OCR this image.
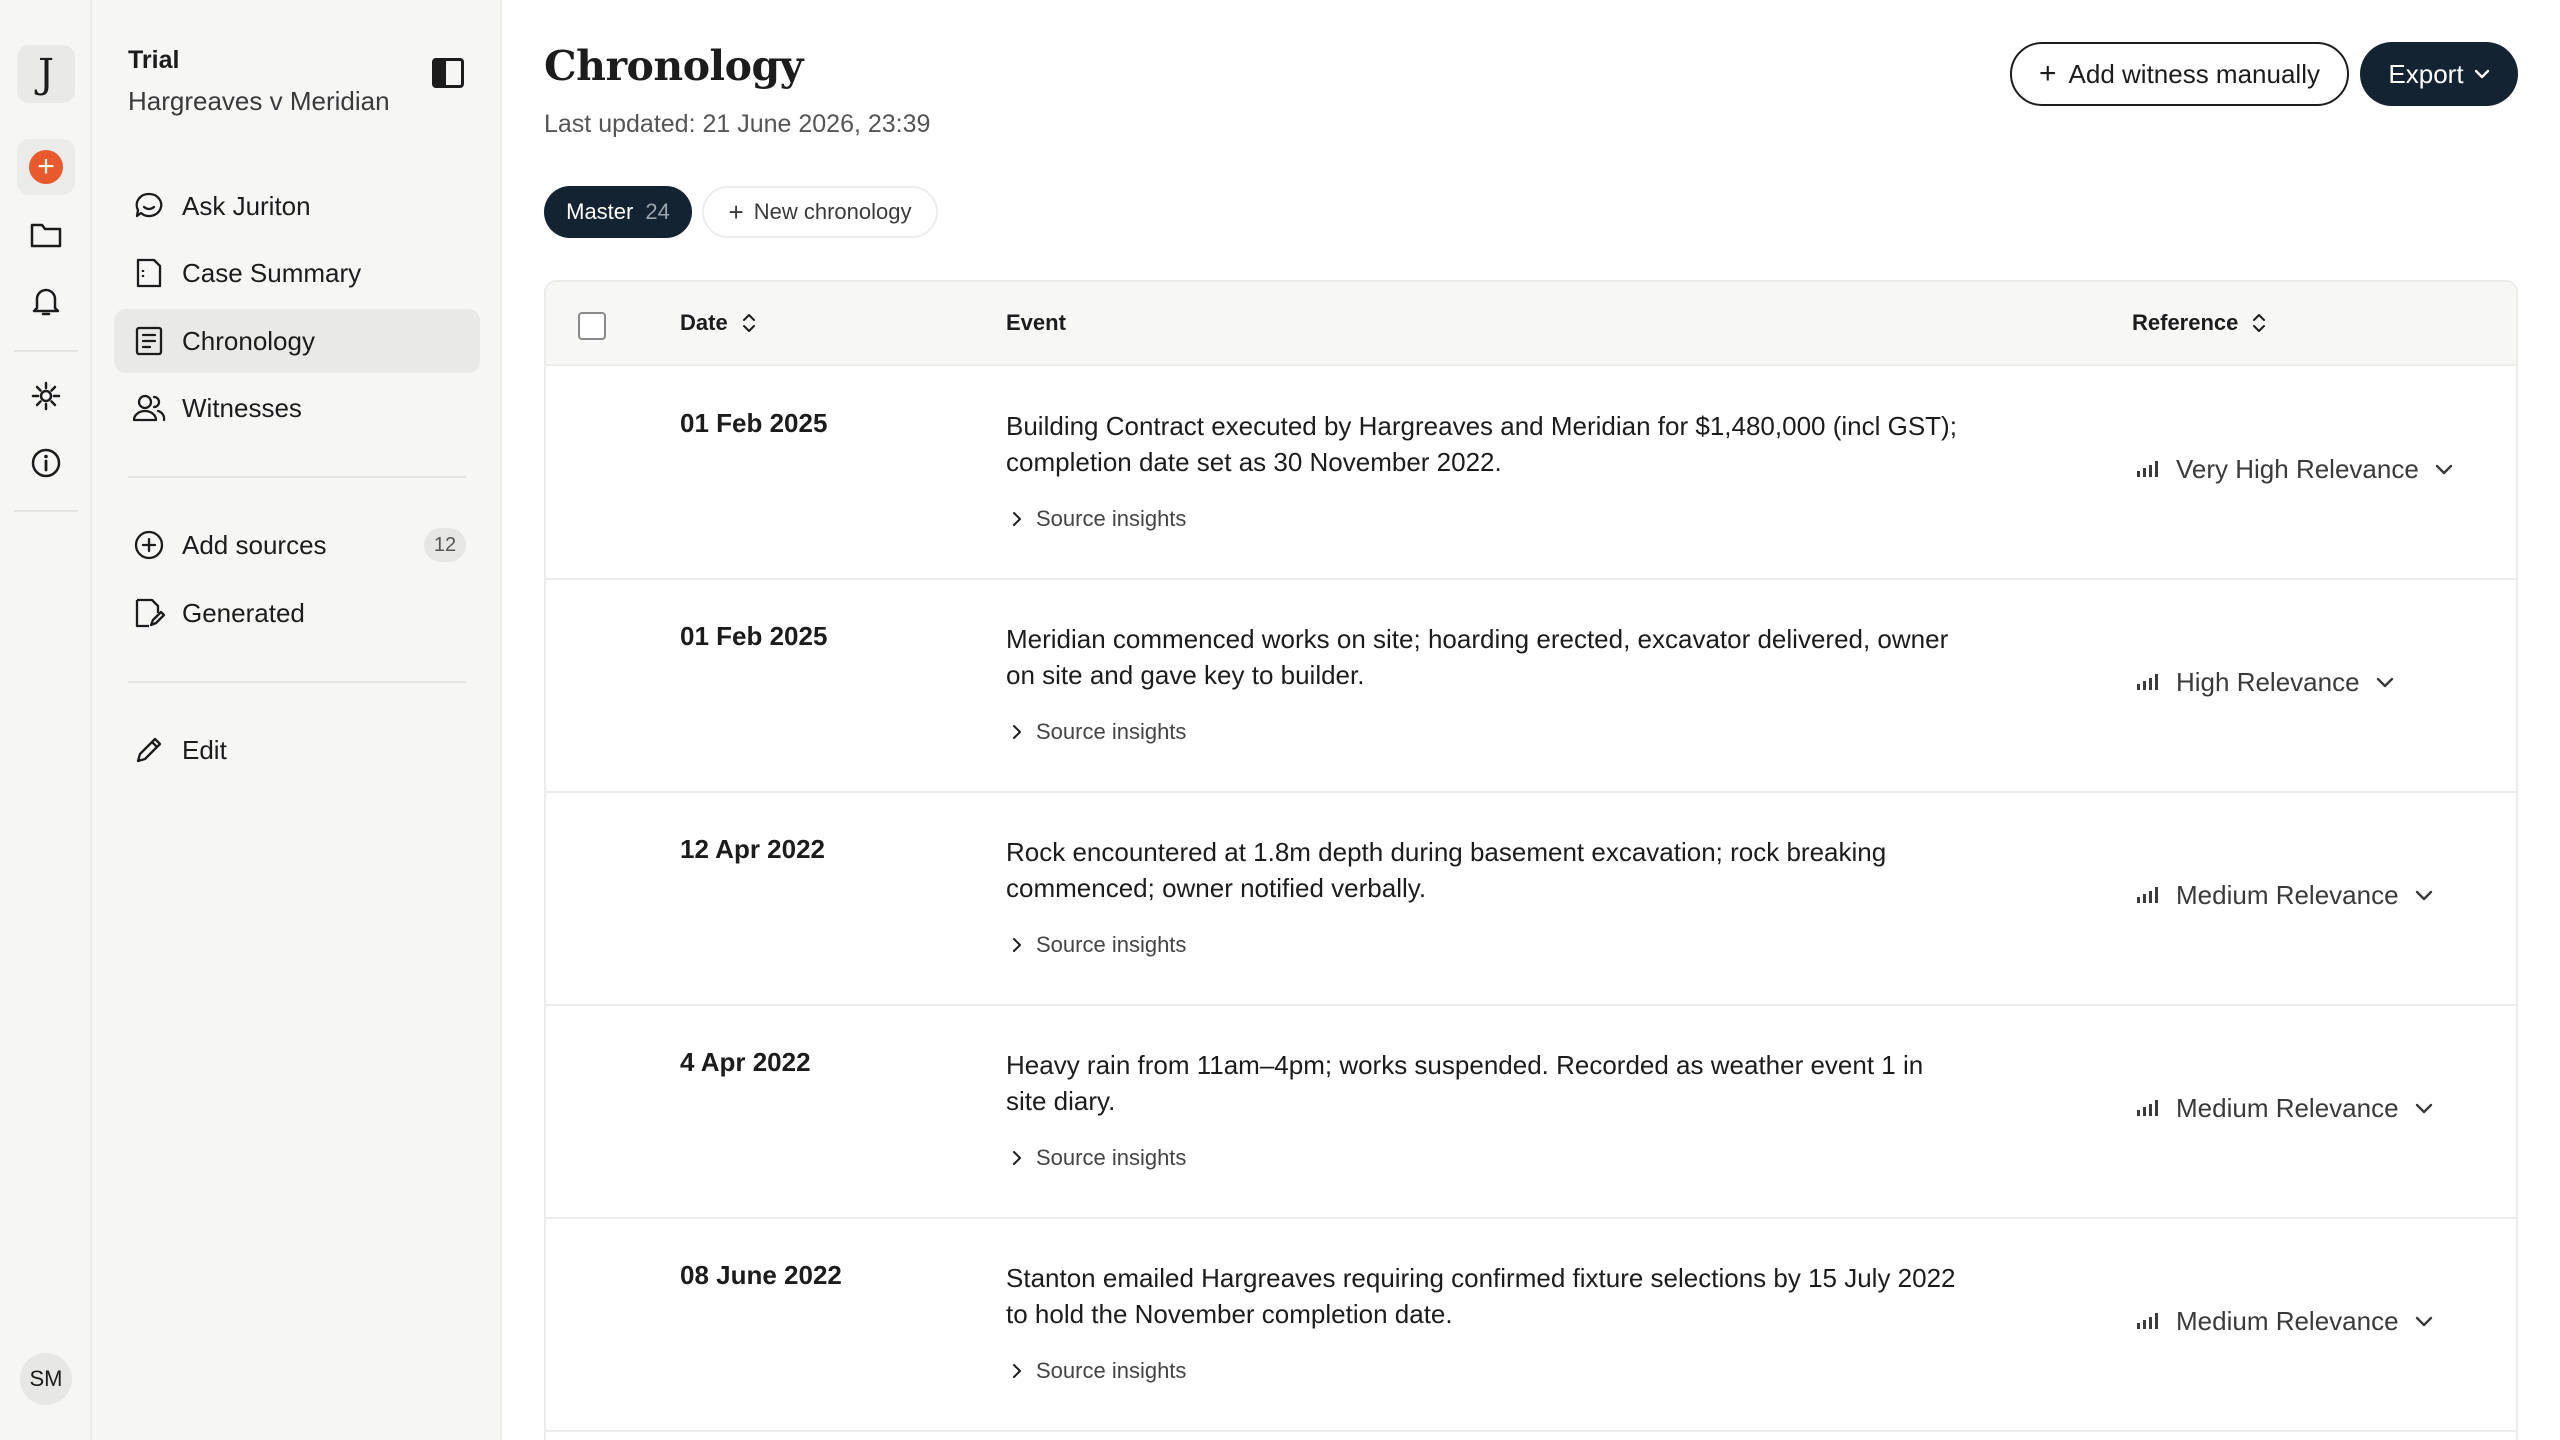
J
+
SM
Trial
Hargreaves v Meridian
Ask Juriton
Case Summary
Chronology
Witnesses
Add sources	12
Generated
Edit
Chronology
Last updated: 21 June 2026, 23:39
+ Add witness manually	Export
Master 24 + New chronology
Date	Event	Reference
01 Feb 2025	Building Contract executed by Hargreaves and Meridian for $1,480,000 (incl GST); completion date set as 30 November 2022.
Source insights
Very High Relevance
01 Feb 2025	Meridian commenced works on site; hoarding erected, excavator delivered, owner on site and gave key to builder.
Source insights
High Relevance
12 Apr 2022	Rock encountered at 1.8m depth during basement excavation; rock breaking commenced; owner notified verbally.
Source insights
Medium Relevance
4 Apr 2022	Heavy rain from 11am–4pm; works suspended. Recorded as weather event 1 in site diary.
Source insights
Medium Relevance
08 June 2022	Stanton emailed Hargreaves requiring confirmed fixture selections by 15 July 2022 to hold the November completion date.
Source insights
Medium Relevance
